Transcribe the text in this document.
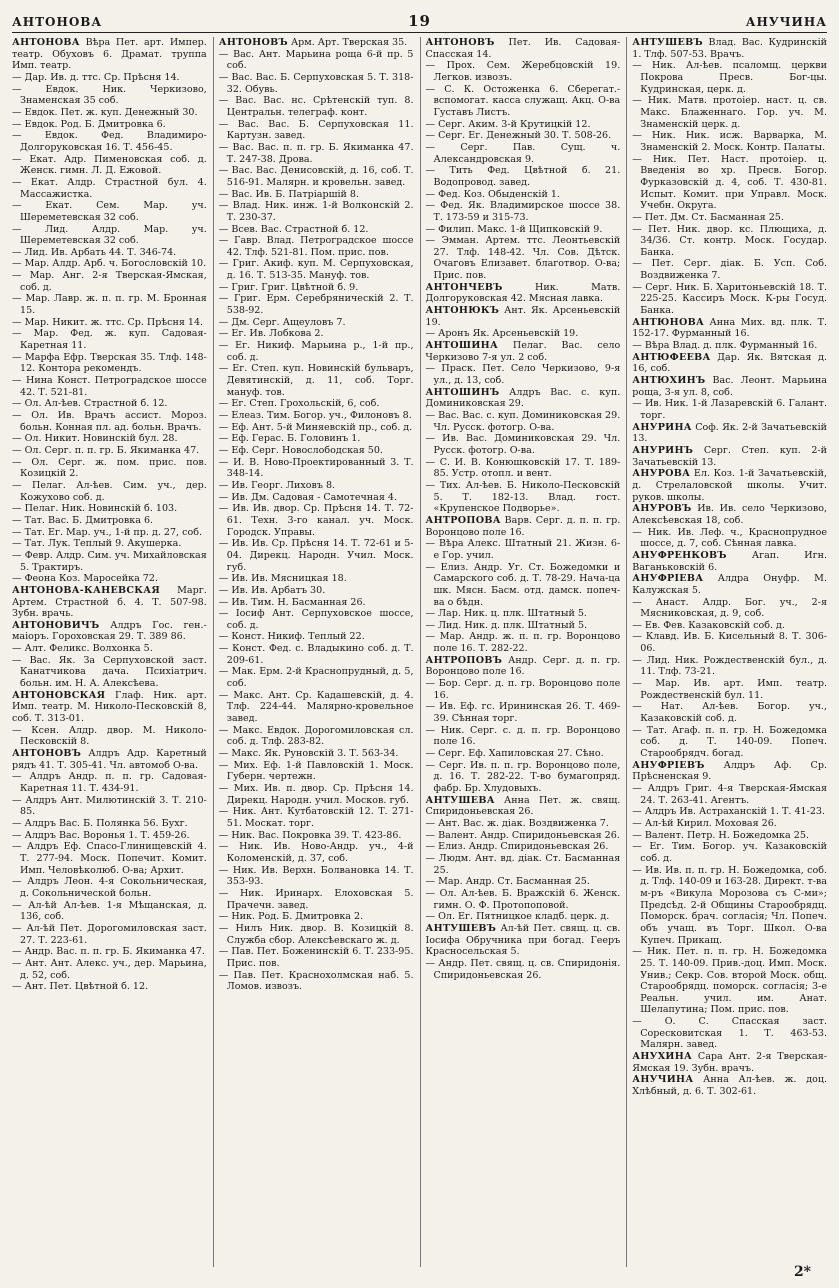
АНТОНОВА	19	АНУЧИНА
АНТОНОВА Вѣра Пет. арт. Импер. театр. Обуховъ 6. Драмат. труппа Имп. театр.
— Дар. Ив. д. ттс. Ср. Прѣсня 14.
— Евдок. Ник. Черкизово, Знаменская 35 соб.
— Евдок. Пет. ж. куп. Денежный 30.
— Евдок. Род. Б. Дмитровка 6.
— Евдок. Фед. Владимиро-Долгоруковская 16. Т. 456-45.
— Екат. Адр. Пименовская соб. д. Женск. гимн. Л. Д. Ежовой.
— Екат. Алдр. Страстной бул. 4. Массажистка.
— Екат. Сем. Мар. уч. Шереметевская 32 соб.
— Лид. Алдр. Мар. уч. Шереметевская 32 соб.
— Лид. Ив. Арбать 44. Т. 346-74.
— Мар. Алдр. Арб. ч. Богословскій 10.
— Мар. Анг. 2-я Тверская-Ямская, соб. д.
— Мар. Лавр. ж. п. п. гр. М. Бронная 15.
— Мар. Никит. ж. ттс. Ср. Прѣсня 14.
— Мар. Фед. ж. куп. Садовая-Каретная 11.
— Марфа Ефр. Тверская 35. Тлф. 148-12. Контора рекомендъ.
— Нина Конст. Петроградское шоссе 42. Т. 521-81.
— Ол. Ал-ѣев. Страстной б. 12.
— Ол. Ив. Врачъ ассист. Мороз. больн. Конная пл. ад. больн. Врачъ.
— Ол. Никит. Новинскій бул. 28.
— Ол. Серг. п. п. гр. Б. Якиманка 47.
— Ол. Серг. ж. пом. прис. пов. Козицкій 2.
— Пелаг. Ал-ѣев. Сим. уч., дер. Кожухово соб. д.
— Пелаг. Ник. Новинскій б. 103.
— Тат. Вас. Б. Дмитровка 6.
— Тат. Ег. Мар. уч., 1-й пр. д. 27, соб.
— Тат. Лук. Теплый 9. Акушерка.
— Февр. Алдр. Сим. уч. Михайловская 5. Трактиръ.
— Феона Коз. Маросейка 72.
АНТОНОВА-КАНЕВСКАЯ Марг. Артем. Страстной б. 4. Т. 507-98. Зубн. врачь.
АНТОНОВИЧЪ Алдръ Гос. ген.-маіоръ. Гороховская 29. Т. 389 86.
— Алт. Феликс. Волхонка 5.
— Вас. Як. За Серпуховской заст. Канатчикова дача. Психіатрич. больн. им. Н. А. Алексѣева.
АНТОНОВСКАЯ Глаф. Ник. арт. Имп. театр. М. Николо-Песковскій 8, соб. Т. 313-01.
— Ксен. Алдр. двор. М. Николо-Песковскій 8.
АНТОНОВЪ Алдръ Адр. Каретный рядъ 41. Т. 305-41. Чл. автомоб О-ва.
— Алдръ Андр. п. п. гр. Садовая-Каретная 11. Т. 434-91.
— Алдръ Ант. Милютинскій 3. Т. 210-85.
— Алдръ Вас. Б. Полянка 56. Бухг.
— Алдръ Вас. Воронья 1. Т. 459-26.
— Алдръ Еф. Спасо-Глинищевскій 4. Т. 277-94. Моск. Попечит. Комит. Имп. Человѣколюб. О-ва; Архит.
— Алдръ Леон. 4-я Сокольническая, д. Сокольнической больн.
— Ал-ѣй Ал-ѣев. 1-я Мѣщанская, д. 136, соб.
— Ал-ѣй Пет. Дорогомиловская заст. 27. Т. 223-61.
— Андр. Вас. п. п. гр. Б. Якиманка 47.
— Ант. Ант. Алекс. уч., дер. Марьина, д. 52, соб.
— Ант. Пет. Цвѣтной б. 12.
АНТОНОВЪ Арм. Арт. Тверская 35.
— Вас. Ант. Марьина роща 6-й пр. 5 соб.
— Вас. Вас. Б. Серпуховская 5. Т. 318-32. Обувь.
— Вас. Вас. нс. Срѣтенскій туп. 8. Центральн. телеграф. конт.
— Вас. Вас. Б. Серпуховская 11. Картузн. завед.
— Вас. Вас. п. п. гр. Б. Якиманка 47. Т. 247-38. Дрова.
— Вас. Вас. Денисовскій, д. 16, соб. Т. 516-91. Малярн. и кровельн. завед.
— Вас. Ив. Б. Патріаршій 8.
— Влад. Ник. инж. 1-й Волконскій 2. Т. 230-37.
— Всев. Вас. Страстной б. 12.
— Гавр. Влад. Петроградское шоссе 42. Тлф. 521-81. Пом. прис. пов.
— Григ. Акиф. куп. М. Серпуховская, д. 16. Т. 513-35. Мануф. тов.
— Григ. Григ. Цвѣтной б. 9.
— Григ. Ерм. Серебряническій 2. Т. 538-92.
— Дм. Серг. Ащеуловъ 7.
— Ег. Ив. Лобкова 2.
— Ег. Никиф. Марьина р., 1-й пр., соб. д.
— Ег. Степ. куп. Новинскій бульваръ, Девятинскій, д. 11, соб. Торг. мануф. тов.
— Ег. Степ. Грохольскій, 6, соб.
— Елеаз. Тим. Богор. уч., Филоновъ 8.
— Еф. Ант. 5-й Миняевскій пр., соб. д.
— Еф. Герас. Б. Головинъ 1.
— Еф. Серг. Новослободская 50.
— И. В. Ново-Проектированный 3. Т. 348-14.
— Ив. Георг. Лиховъ 8.
— Ив. Дм. Садовая - Самотечная 4.
— Ив. Ив. двор. Ср. Прѣсня 14. Т. 72-61. Техн. 3-го канал. уч. Моск. Городск. Управы.
— Ив. Ив. Ср. Прѣсня 14. Т. 72-61 и 5-04. Дирекц. Народн. Учил. Моск. губ.
— Ив. Ив. Мясницкая 18.
— Ив. Ив. Арбатъ 30.
— Ив. Тим. Н. Басманная 26.
— Іосиф Ант. Серпуховское шоссе, соб. д.
— Конст. Никиф. Теплый 22.
— Конст. Фед. с. Владыкино соб. д. Т. 209-61.
— Мак. Ерм. 2-й Краснопрудный, д. 5, соб.
— Макс. Ант. Ср. Кадашевскій, д. 4. Тлф. 224-44. Малярно-кровельное завед.
— Макс. Евдок. Дорогомиловская сл. соб. д. Тлф. 283-82.
— Макс. Як. Руновскій 3. Т. 563-34.
— Мих. Еф. 1-й Павловскій 1. Моск. Губерн. чертежн.
— Мих. Ив. п. двор. Ср. Прѣсня 14. Дирекц. Народн. учил. Москов. губ.
— Ник. Ант. Кутбатовскій 12. Т. 271-51. Москат. торг.
— Ник. Вас. Покровка 39. Т. 423-86.
— Ник. Ив. Ново-Андр. уч., 4-й Коломенскій, д. 37, соб.
— Ник. Ив. Верхн. Болвановка 14. Т. 353-93.
— Ник. Иринарх. Елоховская 5. Прачечн. завед.
— Ник. Род. Б. Дмитровка 2.
— Нилъ Ник. двор. В. Козицкій 8. Служба сбор. Алексѣевскаго ж. д.
— Пав. Пет. Боженинскій 6. Т. 233-95. Прис. пов.
— Пав. Пет. Краснохолмская наб. 5. Ломов. извозъ.
АНТОНОВЪ Пет. Ив. Садовая-Спасская 14.
— Прох. Сем. Жеребцовскій 19. Легков. извозъ.
— С. К. Остоженка 6. Сберегат.-вспомогат. касса служащ. Акц. О-ва Густавъ Листъ.
— Серг. Аким. 3-й Крутицкій 12.
— Серг. Ег. Денежный 30. Т. 508-26.
— Серг. Пав. Сущ. ч. Александровская 9.
— Тить Фед. Цвѣтной б. 21. Водопровод. завед.
— Фед. Коз. Обыденскій 1.
— Фед. Як. Владимирское шоссе 38. Т. 173-59 и 315-73.
— Филип. Макс. 1-й Щипковскій 9.
— Эмман. Артем. ттс. Леонтьевскій 27. Тлф. 148-42. Чл. Сов. Дѣтск. Очаговъ Елизавет. благотвор. О-ва; Прис. пов.
АНТОНЧЕВЪ Ник. Матв. Долгоруковская 42. Мясная лавка.
АНТОНЮКЪ Ант. Як. Арсеньевскій 19.
— Аронъ Як. Арсеньевскій 19.
АНТОШИНА Пелаг. Вас. село Черкизово 7-я ул. 2 соб.
— Праск. Пет. Село Черкизово, 9-я ул., д. 13, соб.
АНТОШИНЪ Алдръ Вас. с. куп. Доминиковская 29.
— Вас. Вас. с. куп. Доминиковская 29. Чл. Русск. фотогр. О-ва.
— Ив. Вас. Доминиковская 29. Чл. Русск. фотогр. О-ва.
— С. И. В. Конюшковскій 17. Т. 189-85. Устр. отопл. и вент.
— Тих. Ал-ѣев. Б. Николо-Песковскій 5. Т. 182-13. Влад. гост. «Крупенское Подворье».
АНТРОПОВА Варв. Серг. д. п. п. гр. Воронцово поле 16.
— Вѣра Алекс. Штатный 21. Жизн. 6-е Гор. учил.
— Елиз. Андр. Уг. Ст. Божедомки и Самарского соб. д. Т. 78-29. Нача-ца шк. Мясн. Басм. отд. дамск. попеч-ва о бѣдн.
— Лар. Ник. ц. плк. Штатный 5.
— Лид. Ник. д. плк. Штатный 5.
— Мар. Андр. ж. п. п. гр. Воронцово поле 16. Т. 282-22.
АНТРОПОВЪ Андр. Серг. д. п. гр. Воронцово поле 16.
— Бор. Серг. д. п. гр. Воронцово поле 16.
— Ив. Еф. гс. Ирининская 26. Т. 469-39. Сѣнная торг.
— Ник. Серг. с. д. п. гр. Воронцово поле 16.
— Серг. Еф. Хапиловская 27. Сѣно.
— Серг. Ив. п. п. гр. Воронцово поле, д. 16. Т. 282-22. Т-во бумагопряд. фабр. Бр. Хлудовыхъ.
АНТУШЕВА Анна Пет. ж. свящ. Спиридоньевская 26.
— Ант. Вас. ж. діак. Воздвиженка 7.
— Валент. Андр. Спиридоньевская 26.
— Елиз. Андр. Спиридоньевская 26.
— Людм. Ант. вд. діак. Ст. Басманная 25.
— Мар. Андр. Ст. Басманная 25.
— Ол. Ал-ѣев. Б. Вражскій 6. Женск. гимн. О. Ф. Протопоповой.
— Ол. Ег. Пятницкое кладб. церк. д.
АНТУШЕВЪ Ал-ѣй Пет. свящ. ц. св. Іосифа Обручника при богад. Гееръ Красносельская 5.
— Андр. Пет. свящ. ц. св. Спиридонія. Спиридоньевская 26.
АНТУШЕВЪ Влад. Вас. Кудринскій 1. Тлф. 507-53. Врачъ.
— Ник. Ал-ѣев. псаломщ. церкви Покрова Пресв. Бог-цы. Кудринская, церк. д.
— Ник. Матв. протоіер. наст. ц. св. Макс. Блаженнаго. Гор. уч. М. Знаменскій церк. д.
— Ник. Ник. исж. Варварка, М. Знаменскій 2. Моск. Контр. Палаты.
— Ник. Пет. Наст. протоіер. ц. Введенія во хр. Пресв. Богор. Фурказовскій д. 4, соб. Т. 430-81. Испыт. Комит. при Управл. Моск. Учебн. Округа.
— Пет. Дм. Ст. Басманная 25.
— Пет. Ник. двор. кс. Плющиха, д. 34/36. Ст. контр. Моск. Государ. Банка.
— Пет. Серг. діак. Б. Усп. Соб. Воздвиженка 7.
— Серг. Ник. Б. Харитоньевскій 18. Т. 225-25. Кассиръ Моск. К-ры Госуд. Банка.
АНТЮНОВА Анна Мих. вд. плк. Т. 152-17. Фурманный 16.
— Вѣра Влад. д. плк. Фурманный 16.
АНТЮФЕЕВА Дар. Як. Вятская д. 16, соб.
АНТЮХИНЪ Вас. Леонт. Марьина роща, 3-я ул. 8, соб.
— Ив. Ник. 1-й Лазаревскій 6. Галант. торг.
АНУРИНА Соф. Як. 2-й Зачатьевскій 13.
АНУРИНЪ Серг. Степ. куп. 2-й Зачатьевскій 13.
АНУРОВА Ел. Коз. 1-й Зачатьевскій, д. Стрелаловской школы. Учит. руков. школы.
АНУРОВЪ Ив. Ив. село Черкизово, Алексѣевская 18, соб.
— Ник. Ив. Леф. ч., Краснопрудное шоссе, д. 7, соб. Сѣнная лавка.
АНУФРЕНКОВЪ Агап. Игн. Ваганьковскій 6.
АНУФРІЕВА Алдра Онуфр. М. Калужская 5.
— Анаст. Алдр. Бог. уч., 2-я Мясниковская, д. 9, соб.
— Ев. Фев. Казаковскій соб. д.
— Клавд. Ив. Б. Кисельный 8. Т. 306-06.
— Лид. Ник. Рождественскій бул., д. 11. Тлф. 73-21.
— Мар. Ив. арт. Имп. театр. Рождественскій бул. 11.
— Нат. Ал-ѣев. Богор. уч., Казаковскій соб. д.
— Тат. Агаф. п. п. гр. Н. Божедомка соб. д. Т. 140-09. Попеч. Старообрядч. богад.
АНУФРІЕВЪ Алдръ Аф. Ср. Прѣсненская 9.
— Алдръ Григ. 4-я Тверская-Ямская 24. Т. 263-41. Агентъ.
— Алдръ Ив. Астраханскій 1. Т. 41-23.
— Ал-ѣй Кирил. Моховая 26.
— Валент. Петр. Н. Божедомка 25.
— Ег. Тим. Богор. уч. Казаковскій соб. д.
— Ив. Ив. п. п. гр. Н. Божедомка, соб. д. Тлф. 140-09 и 163-28. Директ. т-ва м-ръ «Викула Морозова съ С-ми»; Предсѣд. 2-й Общины Старообрядц. Поморск. брач. согласія; Чл. Попеч. объ учащ. въ Торг. Школ. О-ва Купеч. Прикащ.
— Ник. Пет. п. п. гр. Н. Божедомка 25. Т. 140-09. Прив.-доц. Имп. Моск. Унив.; Секр. Сов. второй Моск. общ. Старообрядц. поморск. согласія; 3-е Реальн. учил. им. Анат. Шелапутина; Пом. прис. пов.
— О. С. Спасская заст. Соресковитская 1. Т. 463-53. Малярн. завед.
АНУХИНА Сара Ант. 2-я Тверская-Ямская 19. Зубн. врачъ.
АНУЧИНА Анна Ал-ѣев. ж. доц. Хлѣбный, д. 6. Т. 302-61.
2*
